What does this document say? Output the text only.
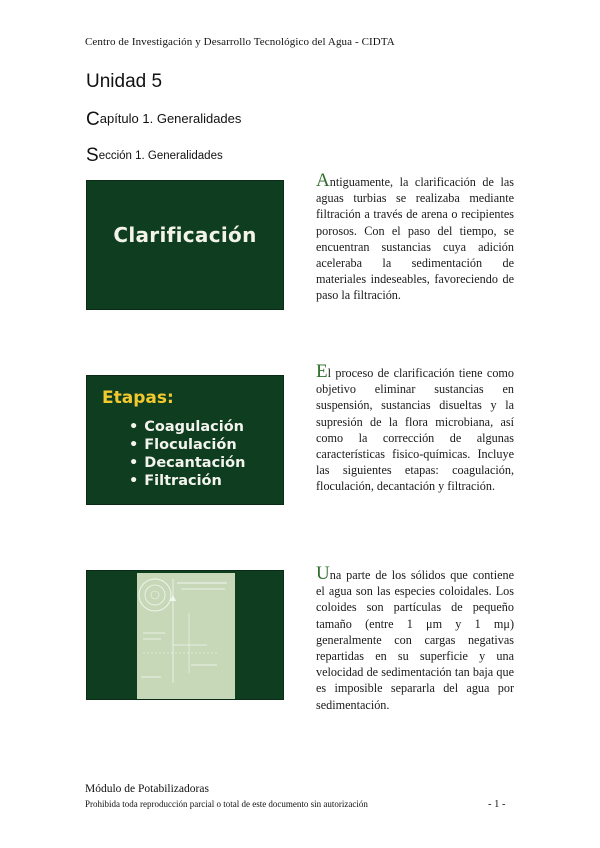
Centro de Investigación y Desarrollo Tecnológico del Agua - CIDTA
Unidad 5
Capítulo 1. Generalidades
Sección 1. Generalidades
Clarificación
Etapas:
• Coagulación
• Floculación
• Decantación
• Filtración
Antiguamente, la clarificación de las aguas turbias se realizaba mediante filtración a través de arena o recipientes porosos. Con el paso del tiempo, se encuentran sustancias cuya adición aceleraba la sedimentación de materiales indeseables, favoreciendo de paso la filtración.
El proceso de clarificación tiene como objetivo eliminar sustancias en suspensión, sustancias disueltas y la supresión de la flora microbiana, así como la corrección de algunas características fisico-químicas. Incluye las siguientes etapas: coagulación, floculación, decantación y filtración.
Una parte de los sólidos que contiene el agua son las especies coloidales. Los coloides son partículas de pequeño tamaño (entre 1 μm y 1 mμ) generalmente con cargas negativas repartidas en su superficie y una velocidad de sedimentación tan baja que es imposible separarla del agua por sedimentación.
Módulo de Potabilizadoras
Prohibida toda reproducción parcial o total de este documento sin autorización	- 1 -
